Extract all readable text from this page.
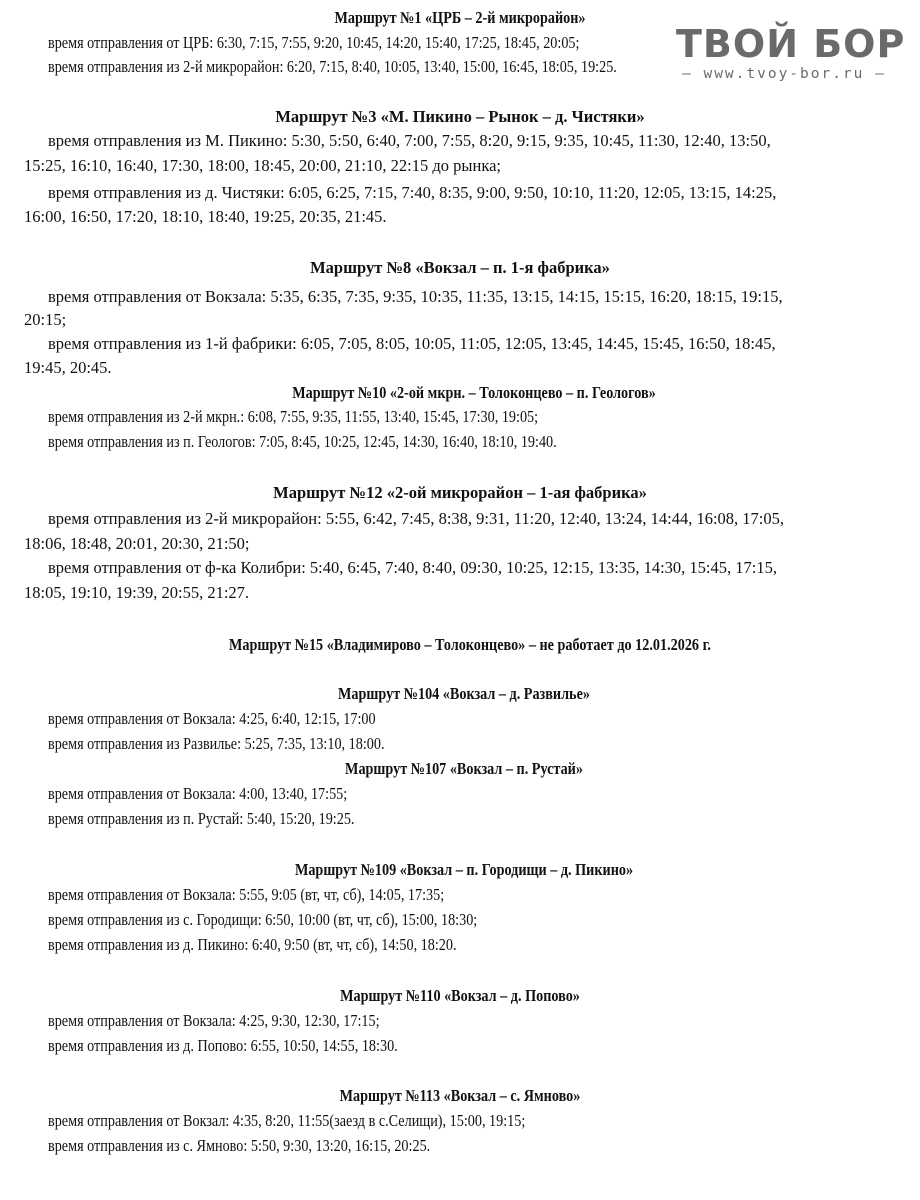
Маршрут №1 «ЦРБ – 2-й микрорайон»
время отправления от ЦРБ: 6:30, 7:15, 7:55, 9:20, 10:45, 14:20, 15:40, 17:25, 18:45, 20:05;
время отправления из 2-й микрорайон: 6:20, 7:15, 8:40, 10:05, 13:40, 15:00, 16:45, 18:05, 19:25.
Маршрут №3 «М. Пикино – Рынок – д. Чистяки»
время отправления из М. Пикино: 5:30, 5:50, 6:40, 7:00, 7:55, 8:20, 9:15, 9:35, 10:45, 11:30, 12:40, 13:50,
15:25, 16:10, 16:40, 17:30, 18:00, 18:45, 20:00, 21:10, 22:15 до рынка;
время отправления из д. Чистяки: 6:05, 6:25, 7:15, 7:40, 8:35, 9:00, 9:50, 10:10, 11:20, 12:05, 13:15, 14:25,
16:00, 16:50, 17:20, 18:10, 18:40, 19:25, 20:35, 21:45.
Маршрут №8 «Вокзал – п. 1-я фабрика»
время отправления от Вокзала: 5:35, 6:35, 7:35, 9:35, 10:35, 11:35, 13:15, 14:15, 15:15, 16:20, 18:15, 19:15,
20:15;
время отправления из 1-й фабрики: 6:05, 7:05, 8:05, 10:05, 11:05, 12:05, 13:45, 14:45, 15:45, 16:50, 18:45,
19:45, 20:45.
Маршрут №10 «2-ой мкрн. – Толоконцево – п. Геологов»
время отправления из 2-й мкрн.: 6:08, 7:55, 9:35, 11:55, 13:40, 15:45, 17:30, 19:05;
время отправления из п. Геологов: 7:05, 8:45, 10:25, 12:45, 14:30, 16:40, 18:10, 19:40.
Маршрут №12 «2-ой микрорайон – 1-ая фабрика»
время отправления из 2-й микрорайон: 5:55, 6:42, 7:45, 8:38, 9:31, 11:20, 12:40, 13:24, 14:44, 16:08, 17:05,
18:06, 18:48, 20:01, 20:30, 21:50;
время отправления от ф-ка Колибри: 5:40, 6:45, 7:40, 8:40, 09:30, 10:25, 12:15, 13:35, 14:30, 15:45, 17:15,
18:05, 19:10, 19:39, 20:55, 21:27.
Маршрут №15 «Владимирово – Толоконцево» – не работает до 12.01.2026 г.
Маршрут №104 «Вокзал – д. Развилье»
время отправления от Вокзала: 4:25, 6:40, 12:15, 17:00
время отправления из Развилье: 5:25, 7:35, 13:10, 18:00.
Маршрут №107 «Вокзал – п. Рустай»
время отправления от Вокзала: 4:00, 13:40, 17:55;
время отправления из п. Рустай: 5:40, 15:20, 19:25.
Маршрут №109 «Вокзал – п. Городищи – д. Пикино»
время отправления от Вокзала: 5:55, 9:05 (вт, чт, сб), 14:05, 17:35;
время отправления из с. Городищи: 6:50, 10:00 (вт, чт, сб), 15:00, 18:30;
время отправления из д. Пикино: 6:40, 9:50 (вт, чт, сб), 14:50, 18:20.
Маршрут №110 «Вокзал – д. Попово»
время отправления от Вокзала: 4:25, 9:30, 12:30, 17:15;
время отправления из д. Попово: 6:55, 10:50, 14:55, 18:30.
Маршрут №113 «Вокзал – с. Ямново»
время отправления от Вокзал: 4:35, 8:20, 11:55(заезд в с.Селищи), 15:00, 19:15;
время отправления из с. Ямново: 5:50, 9:30, 13:20, 16:15, 20:25.
ТВОЙ БОР
– www.tvoy-bor.ru –
